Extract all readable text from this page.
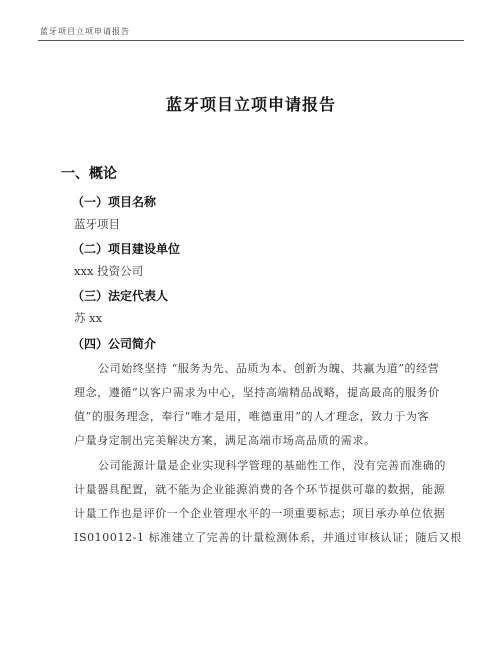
蓝牙项目立项申请报告
蓝牙项目立项申请报告
一、概论
（一）项目名称
蓝牙项目
（二）项目建设单位
xxx 投资公司
（三）法定代表人
苏 xx
（四）公司简介
公司始终坚持 “服务为先、品质为本、创新为魄、共赢为道”的经营
理念，遵循“以客户需求为中心，坚持高端精品战略，提高最高的服务价
值”的服务理念，奉行“唯才是用，唯德重用”的人才理念，致力于为客
户量身定制出完美解决方案，满足高端市场高品质的需求。
公司能源计量是企业实现科学管理的基础性工作，没有完善而准确的
计量器具配置，就不能为企业能源消费的各个环节提供可靠的数据，能源
计量工作也是评价一个企业管理水平的一项重要标志；项目承办单位依据
IS010012-1 标准建立了完善的计量检测体系，并通过审核认证；随后又根
